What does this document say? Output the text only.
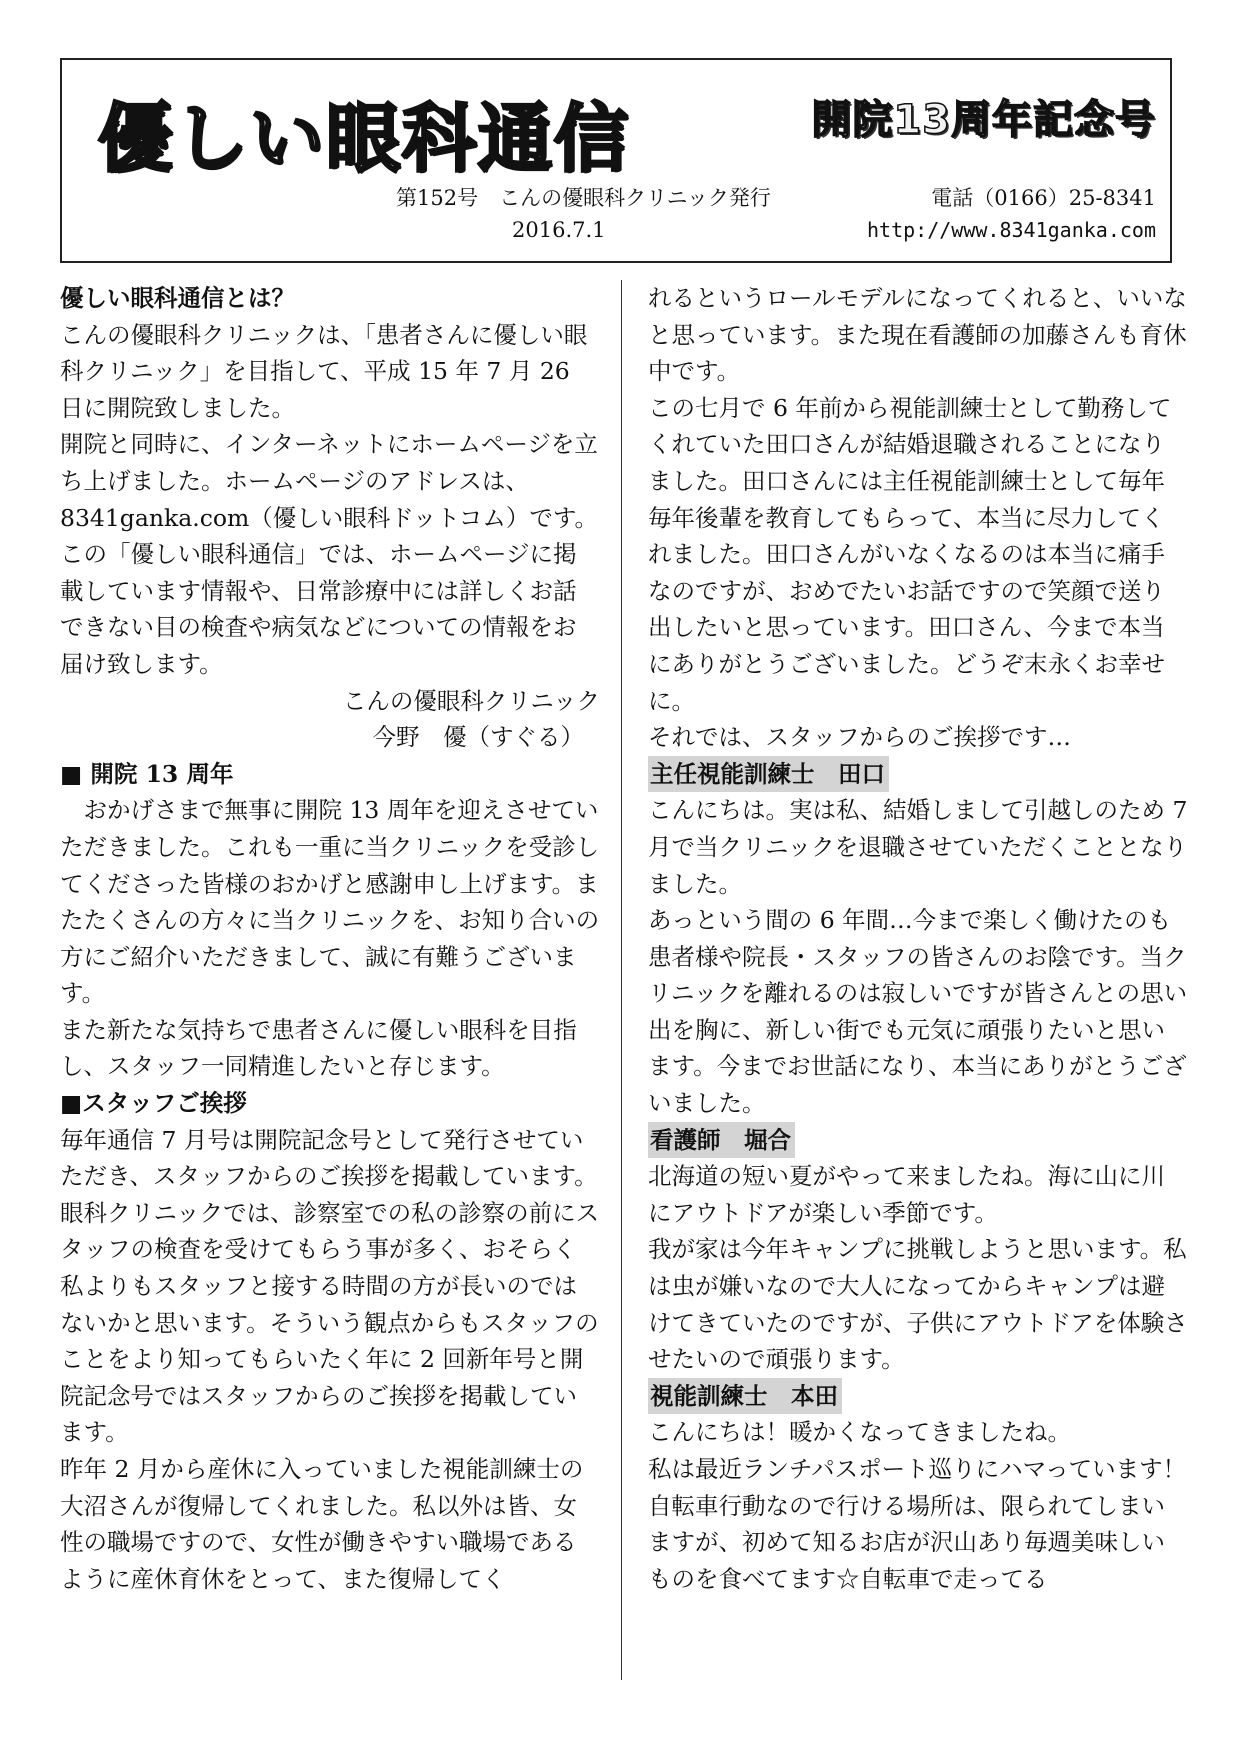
優しい眼科通信	開院13周年記念号
第152号　こんの優眼科クリニック発行	電話（0166）25-8341
2016.7.1	http://www.8341ganka.com

優しい眼科通信とは？

こんの優眼科クリニックは、「患者さんに優しい眼科クリニック」を目指して、平成 15 年 7 月 26 日に開院致しました。

開院と同時に、インターネットにホームページを立ち上げました。ホームページのアドレスは、8341ganka.com（優しい眼科ドットコム）です。

この「優しい眼科通信」では、ホームページに掲載しています情報や、日常診療中には詳しくお話できない目の検査や病気などについての情報をお届け致します。

こんの優眼科クリニック

今野　優（すぐる）

■ 開院 13 周年

おかげさまで無事に開院 13 周年を迎えさせていただきました。これも一重に当クリニックを受診してくださった皆様のおかげと感謝申し上げます。またたくさんの方々に当クリニックを、お知り合いの方にご紹介いただきまして、誠に有難うございます。

また新たな気持ちで患者さんに優しい眼科を目指し、スタッフ一同精進したいと存じます。

■スタッフご挨拶

毎年通信 7 月号は開院記念号として発行させていただき、スタッフからのご挨拶を掲載しています。眼科クリニックでは、診察室での私の診察の前にスタッフの検査を受けてもらう事が多く、おそらく私よりもスタッフと接する時間の方が長いのではないかと思います。そういう観点からもスタッフのことをより知ってもらいたく年に 2 回新年号と開院記念号ではスタッフからのご挨拶を掲載しています。

昨年 2 月から産休に入っていました視能訓練士の大沼さんが復帰してくれました。私以外は皆、女性の職場ですので、女性が働きやすい職場であるように産休育休をとって、また復帰してく

れるというロールモデルになってくれると、いいなと思っています。また現在看護師の加藤さんも育休中です。

この七月で 6 年前から視能訓練士として勤務してくれていた田口さんが結婚退職されることになりました。田口さんには主任視能訓練士として毎年毎年後輩を教育してもらって、本当に尽力してくれました。田口さんがいなくなるのは本当に痛手なのですが、おめでたいお話ですので笑顔で送り出したいと思っています。田口さん、今まで本当にありがとうございました。どうぞ末永くお幸せに。

それでは、スタッフからのご挨拶です…

主任視能訓練士　田口

こんにちは。実は私、結婚しまして引越しのため 7 月で当クリニックを退職させていただくこととなりました。

あっという間の 6 年間…今まで楽しく働けたのも患者様や院長・スタッフの皆さんのお陰です。当クリニックを離れるのは寂しいですが皆さんとの思い出を胸に、新しい街でも元気に頑張りたいと思います。今までお世話になり、本当にありがとうございました。

看護師　堀合

北海道の短い夏がやって来ましたね。海に山に川にアウトドアが楽しい季節です。

我が家は今年キャンプに挑戦しようと思います。私は虫が嫌いなので大人になってからキャンプは避けてきていたのですが、子供にアウトドアを体験させたいので頑張ります。

視能訓練士　本田

こんにちは！暖かくなってきましたね。

私は最近ランチパスポート巡りにハマっています！自転車行動なので行ける場所は、限られてしまいますが、初めて知るお店が沢山あり毎週美味しいものを食べてます☆自転車で走ってる
